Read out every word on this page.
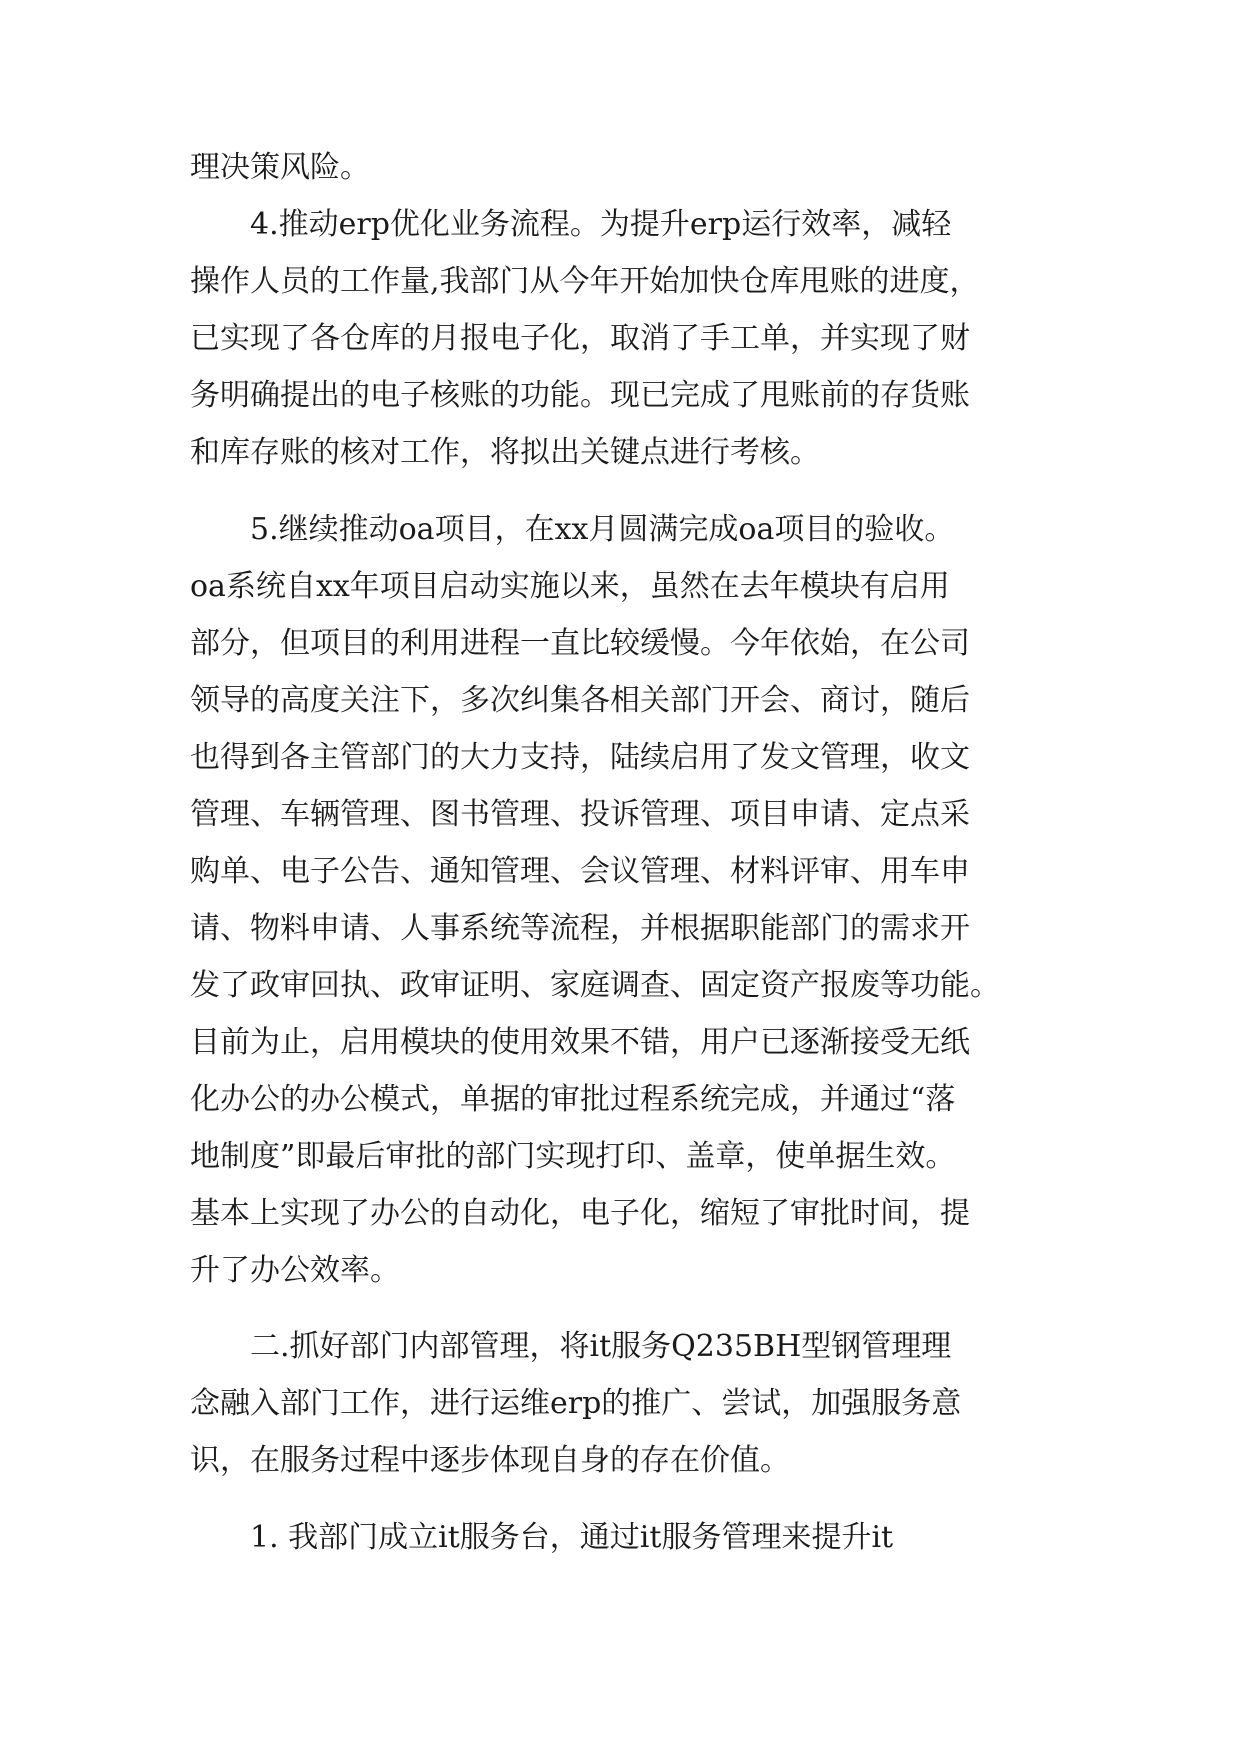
理决策风险。
　　4.推动erp优化业务流程。为提升erp运行效率，减轻
操作人员的工作量,我部门从今年开始加快仓库甩账的进度，
已实现了各仓库的月报电子化，取消了手工单，并实现了财
务明确提出的电子核账的功能。现已完成了甩账前的存货账
和库存账的核对工作，将拟出关键点进行考核。
　　5.继续推动oa项目，在xx月圆满完成oa项目的验收。
oa系统自xx年项目启动实施以来，虽然在去年模块有启用
部分，但项目的利用进程一直比较缓慢。今年依始，在公司
领导的高度关注下，多次纠集各相关部门开会、商讨，随后
也得到各主管部门的大力支持，陆续启用了发文管理，收文
管理、车辆管理、图书管理、投诉管理、项目申请、定点采
购单、电子公告、通知管理、会议管理、材料评审、用车申
请、物料申请、人事系统等流程，并根据职能部门的需求开
发了政审回执、政审证明、家庭调查、固定资产报废等功能。
目前为止，启用模块的使用效果不错，用户已逐渐接受无纸
化办公的办公模式，单据的审批过程系统完成，并通过“落
地制度”即最后审批的部门实现打印、盖章，使单据生效。
基本上实现了办公的自动化，电子化，缩短了审批时间，提
升了办公效率。
　　二.抓好部门内部管理，将it服务Q235BH型钢管理理
念融入部门工作，进行运维erp的推广、尝试，加强服务意
识，在服务过程中逐步体现自身的存在价值。
　　1. 我部门成立it服务台，通过it服务管理来提升it
